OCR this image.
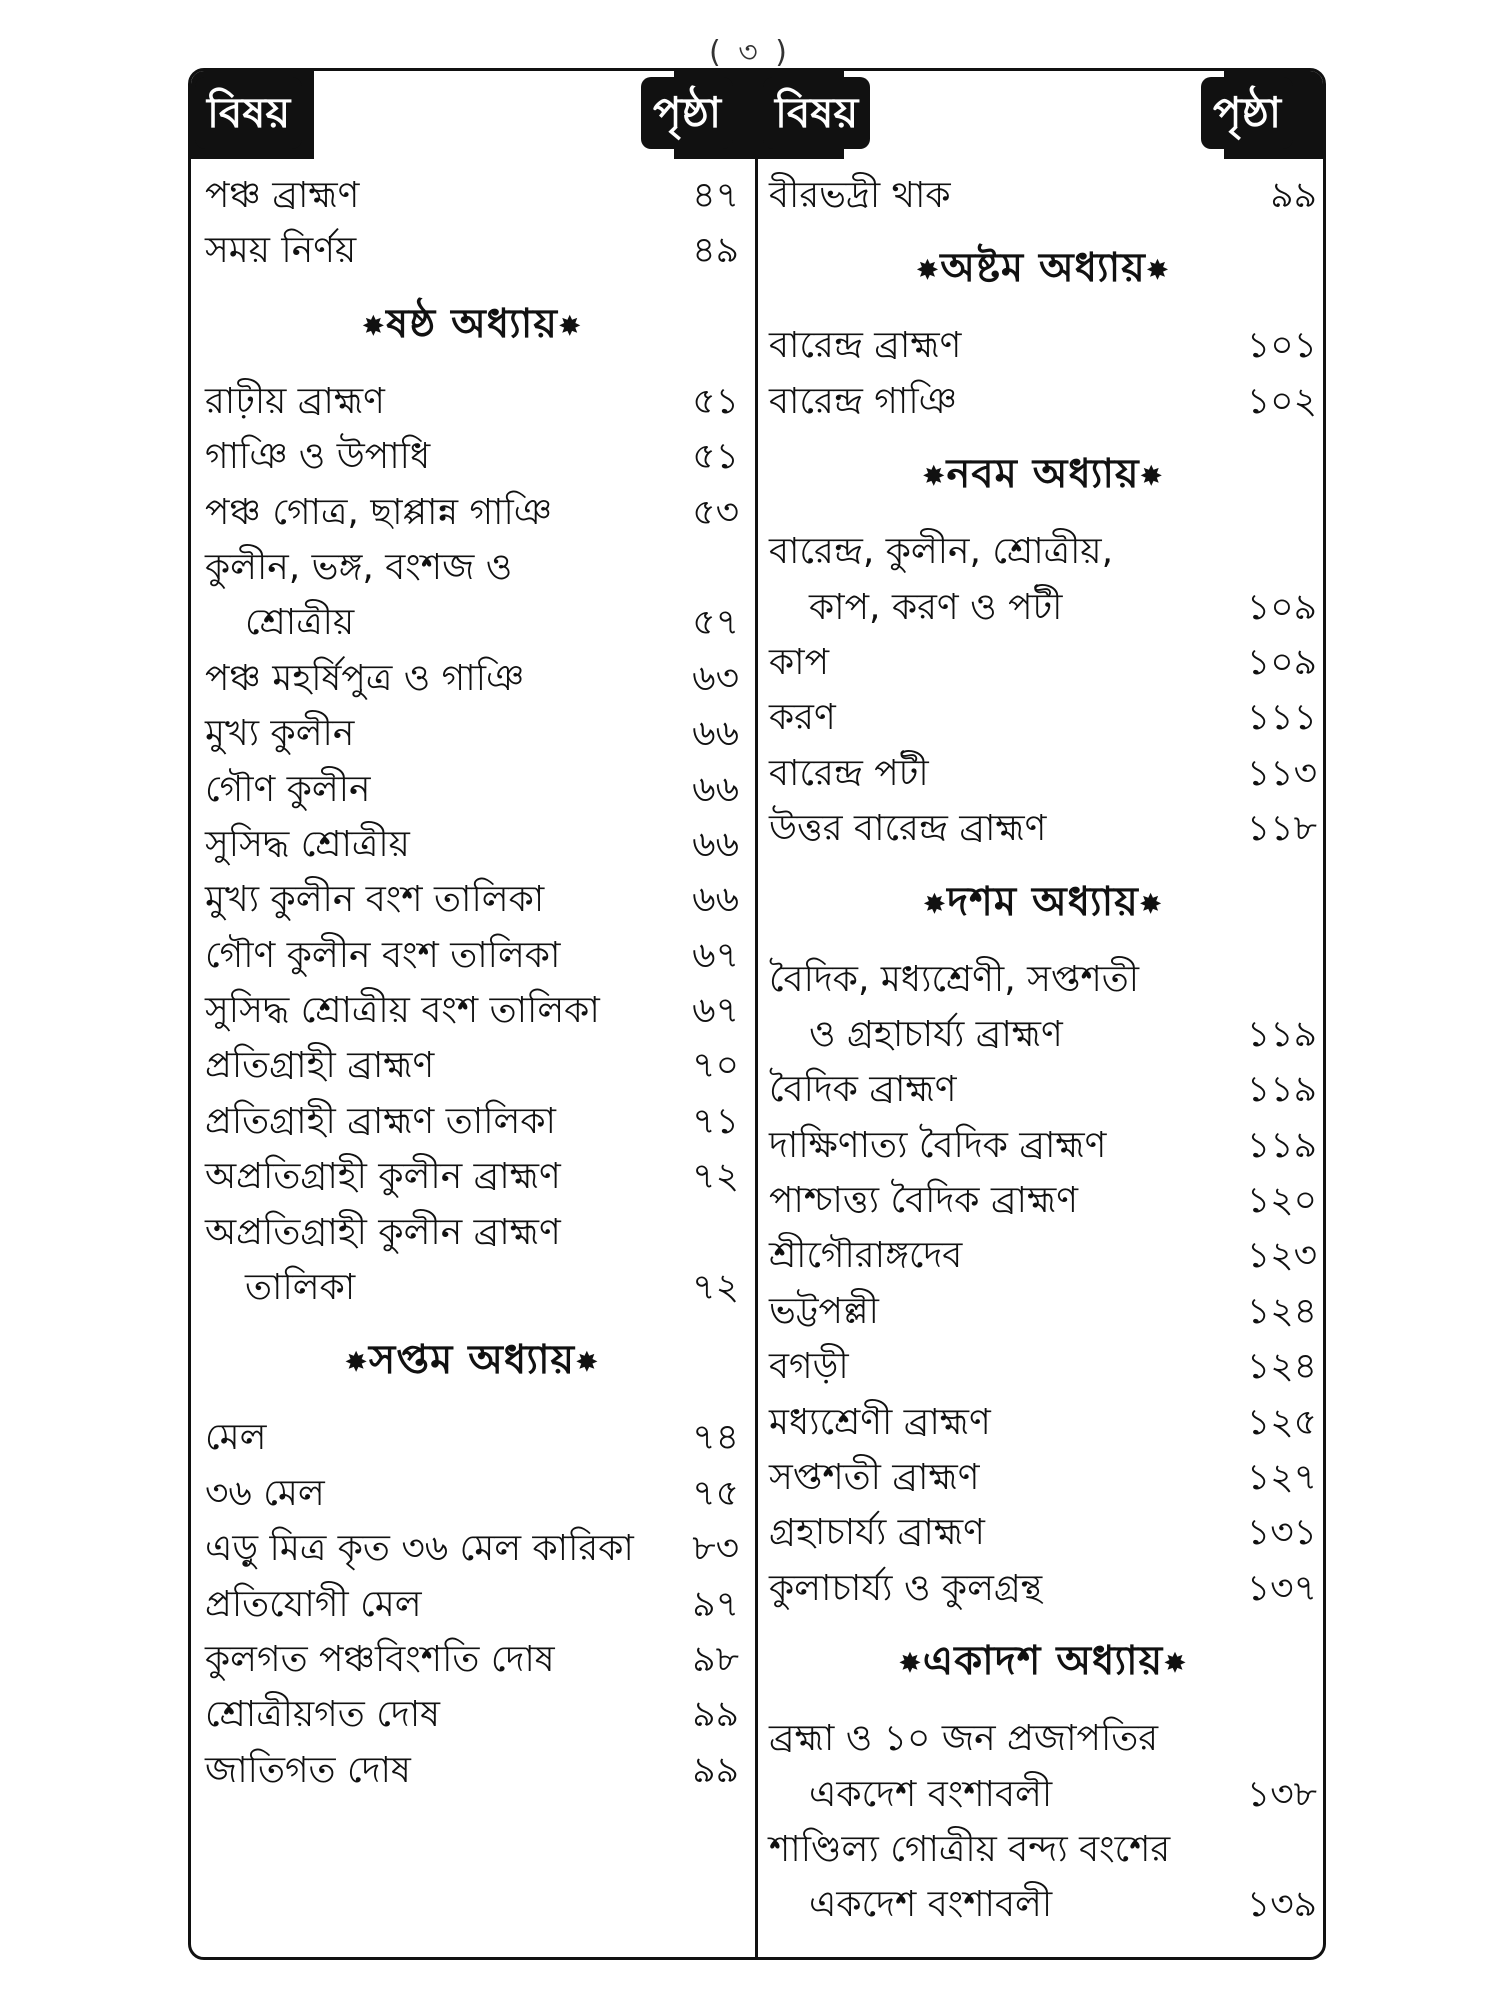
( ৩ )
বিষয়	পৃষ্ঠা বিষয়	পৃষ্ঠা
পঞ্চ ব্রাহ্মণ	৪৭
সময় নির্ণয়	৪৯
✸ষষ্ঠ অধ্যায়✸
রাঢ়ীয় ব্রাহ্মণ	৫১
গাঞি ও উপাধি	৫১
পঞ্চ গোত্র, ছাপ্পান্ন গাঞি	৫৩
কুলীন, ভঙ্গ, বংশজ ও
শ্রোত্রীয়	৫৭
পঞ্চ মহর্ষিপুত্র ও গাঞি	৬৩
মুখ্য কুলীন	৬৬
গৌণ কুলীন	৬৬
সুসিদ্ধ শ্রোত্রীয়	৬৬
মুখ্য কুলীন বংশ তালিকা	৬৬
গৌণ কুলীন বংশ তালিকা	৬৭
সুসিদ্ধ শ্রোত্রীয় বংশ তালিকা	৬৭
প্রতিগ্রাহী ব্রাহ্মণ	৭০
প্রতিগ্রাহী ব্রাহ্মণ তালিকা	৭১
অপ্রতিগ্রাহী কুলীন ব্রাহ্মণ	৭২
অপ্রতিগ্রাহী কুলীন ব্রাহ্মণ
তালিকা	৭২
✸সপ্তম অধ্যায়✸
মেল	৭৪
৩৬ মেল	৭৫
এড়ু মিত্র কৃত ৩৬ মেল কারিকা	৮৩
প্রতিযোগী মেল	৯৭
কুলগত পঞ্চবিংশতি দোষ	৯৮
শ্রোত্রীয়গত দোষ	৯৯
জাতিগত দোষ	৯৯
বীরভদ্রী থাক	৯৯
✸অষ্টম অধ্যায়✸
বারেন্দ্র ব্রাহ্মণ	১০১
বারেন্দ্র গাঞি	১০২
✸নবম অধ্যায়✸
বারেন্দ্র, কুলীন, শ্রোত্রীয়,
কাপ, করণ ও পটী	১০৯
কাপ	১০৯
করণ	১১১
বারেন্দ্র পটী	১১৩
উত্তর বারেন্দ্র ব্রাহ্মণ	১১৮
✸দশম অধ্যায়✸
বৈদিক, মধ্যশ্রেণী, সপ্তশতী
ও গ্রহাচার্য্য ব্রাহ্মণ	১১৯
বৈদিক ব্রাহ্মণ	১১৯
দাক্ষিণাত্য বৈদিক ব্রাহ্মণ	১১৯
পাশ্চাত্ত্য বৈদিক ব্রাহ্মণ	১২০
শ্রীগৌরাঙ্গদেব	১২৩
ভট্টপল্লী	১২৪
বগড়ী	১২৪
মধ্যশ্রেণী ব্রাহ্মণ	১২৫
সপ্তশতী ব্রাহ্মণ	১২৭
গ্রহাচার্য্য ব্রাহ্মণ	১৩১
কুলাচার্য্য ও কুলগ্রন্থ	১৩৭
✸একাদশ অধ্যায়✸
ব্রহ্মা ও ১০ জন প্রজাপতির
একদেশ বংশাবলী	১৩৮
শাণ্ডিল্য গোত্রীয় বন্দ্য বংশের
একদেশ বংশাবলী	১৩৯
